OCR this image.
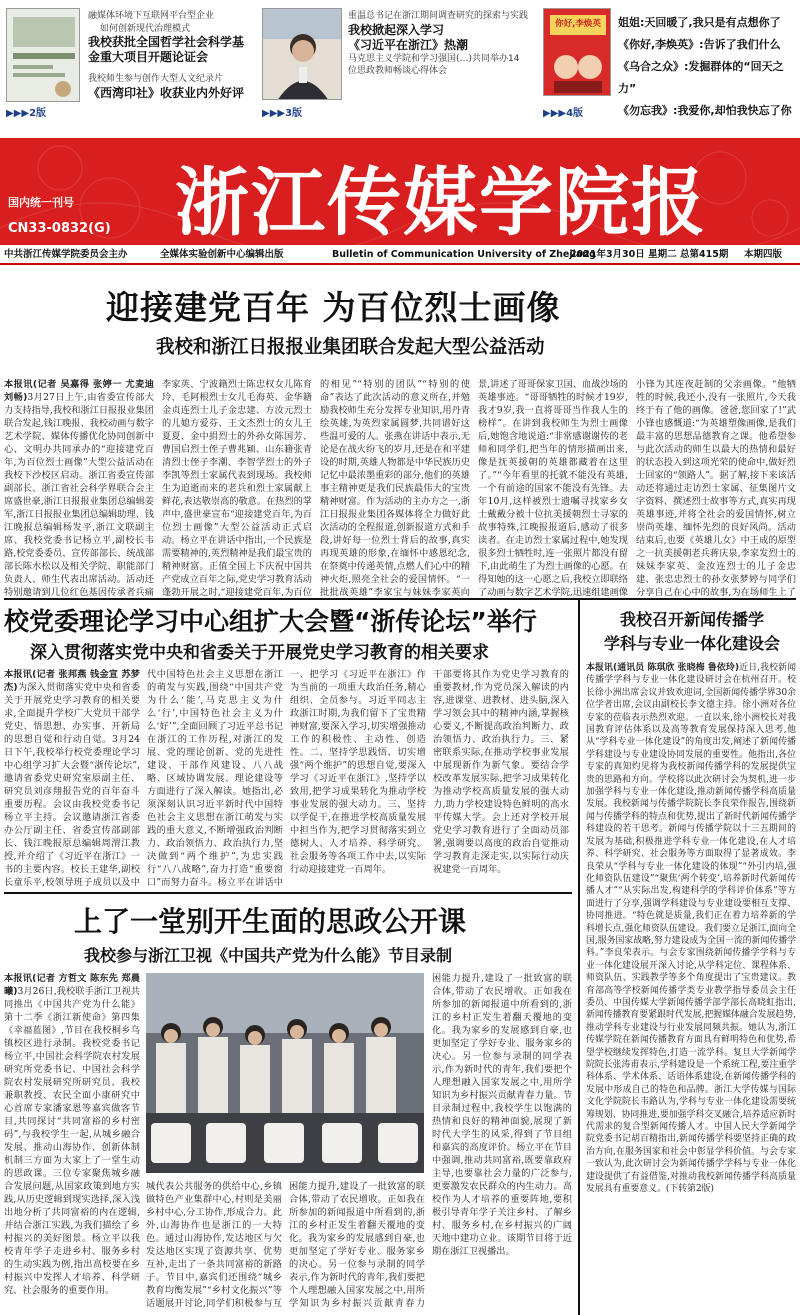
融媒体环境下互联网平台型企业
如何创新现代治理模式
我校获批全国哲学社会科学基金重大项目开题论证会
我校师生参与创作大型人文纪录片
《西湾印社》收获业内外好评
▶▶▶2版
重温总书记在浙江期间调查研究的探索与实践
我校掀起深入学习
《习近平在浙江》热潮
马克思主义学院和学习强国(…)共同举办14位思政教师畅谈心得体会
▶▶▶3版
你好,李焕英	姐姐:天回暖了,我只是有点想你了
《你好,李焕英》:告诉了我们什么
《乌合之众》:发掘群体的“回天之力”
《勿忘我》:我爱你,却怕我快忘了你
▶▶▶4版
浙江传媒学院报
国内统一刊号
CN33-0832(G)
中共浙江传媒学院委员会主办	全媒体实验创新中心编辑出版	Bulletin of Communication University of Zhejiang
2021年3月30日 星期二 总第415期 本期四版
迎接建党百年 为百位烈士画像
我校和浙江日报报业集团联合发起大型公益活动
本报讯(记者 吴嘉得 张婷一 尤麦迪 刘畅)3月27日上午,由省委宣传部大力支持指导,我校和浙江日报报业集团联合发起,钱江晚报、我校动画与数字艺术学院、媒体传播优化协同创新中心、文明办共同承办的“迎接建党百年,为百位烈士画像”大型公益活动在我校下沙校区启动。浙江省委宣传部副部长、浙江省社会科学界联合会主席盛世豪,浙江日报报业集团总编辑姜军,浙江日报报业集团总编辑助理、钱江晚报总编辑杨发平,浙江文联副主席、我校党委书记杨立平,副校长韦路,校党委委员、宣传部部长、统战部部长陈水松以及相关学院、职能部门负责人、师生代表出席活动。活动还特别邀请到几位红色基因传承者兵痛
李家英、宁波籍烈士陈忠权女儿陈育玲、毛阿根烈士女儿毛海英、金华籍金贞连烈士儿子金忠建、方汝元烈士的儿媳方爱芬、王文杰烈士的女儿王夏夏、金中捐烈士的外孙女陈国芳、曹国启烈士侄子曹兆颖、山东籍张青清烈士侄子李潮、李智学烈士的外子李凯等烈士家属代表到现场。我校师生为追逝而来的老兵和烈士家属献上鲜花,表达敬崇高的敬意。在热烈的掌声中,盛世豪宣布“迎接建党百年,为百位烈士画像”大型公益活动正式启动。杨立平在讲话中指出,一个民族是需要精神的,英烈精神是我们最宝贵的精神财富。正值全国上下庆祝中国共产党成立百年之际,党史学习教育活动蓬勃开展之时,“迎接建党百年,为百位
的相见”“特别的团队”“特别的使命”表达了此次活动的意义所在,并勉励我校师生充分发挥专业知识,用丹青绘英雄,为英烈家属圆梦,共同谱好这些温可爱的人。张燕在讲话中表示,无论是在战火纷飞的岁月,还是在和平建设的时期,英雄人物都是中华民族历史记忆中最浓墨重彩的部分,他们的英雄事主精神更是我们民族最伟大的宝贵精神财富。作为活动的主办方之一,浙江日报报业集团各媒体将全力做好此次活动的全程报道,创新报道方式和手段,讲好每一位烈士背后的故事,真实再现英雄的形象,在缅怀中感恩纪念,在祭奠中传递英情,点燃人们心中的精神火炬,照亮全社会的爱国情怀。“一批批战英雄”李家宝与妹妹李家英向
景,讲述了哥哥保家卫国、血战沙场的英雄事迹。“哥哥牺牲的时候才19岁,我才9岁,我一直将哥哥当作我人生的榜样”。在讲到我校师生为烈士画像后,她饱含地说道:“非常感谢谢传的老师和同学们,把当年的情形描画出来,像是抚英援朝的英雄都藏着在这里了。”“今年看里的托就不能没有英雄,一个有前途的国家不能没有先锋。去年10月,这样被烈士遗嘱寻找家乡女士戴戴分被十位抗美援朝烈士寻家的故事特殊,江晚报报道后,感动了很多读者。在走访烈士家属过程中,她发现很多烈士牺牲时,连一张照片都没有留下,由此萌生了为烈士画像的心愿。在得知她的这一心愿之后,我校立即联络了动画与数字艺术学院,迅速组建画像
小锋为其连夜赶制的父亲画像。“他牺牲的时候,我还小,没有一张照片,今天我终于有了他的画像。爸爸,您回家了!”武小锋也感慨道:“为英雄塑像画像,是我们最丰富的思想品德教育之课。他希望参与此次活动的师生以最大的热情和最好的状态投入到这项光荣的使命中,做好烈士回家的“领路人”。据了解,接下来该活动还将通过走访烈士家属、征集图片文字资料、撰述烈士故事等方式,真实再现英雄事迹,并将全社会的爱国情怀,树立崇尚英雄、缅怀先烈的良好风尚。活动结束后,也要《英雄儿女》中王成的原型之一抗美援朝老兵蒋庆泉,李家发烈士的妹妹李家英、金汝连烈士的儿子金忠建、张忠忠烈士的孙女张梦婷与同学们分享自己在心中的故事,为在场师生上了
校党委理论学习中心组扩大会暨“浙传论坛”举行
深入贯彻落实党中央和省委关于开展党史学习教育的相关要求
本报讯(记者 张邦燕 钱金宣 苏梦杰)为深入贯彻落实党中央和省委关于开展党史学习教育的相关要求,全面提升学校广大党员干部学党史、悟思想、办实事、开新局的思想自觉和行动自觉。3月24日下午,我校举行校党委理论学习中心组学习扩大会暨“浙传论坛”,邀请省委党史研究室原副主任、研究员刘彦翔报告党的百年奋斗重要历程。会议由我校党委书记杨立平主持。会议邀请浙江省委办公厅副主任、省委宣传部副部长、钱江晚报原总编辑周渭江教授,并介绍了《习近平在浙江》一书的主要内容。校长王建华,副校长童乐平,校领导班子成员以及中
代中国特色社会主义思想在浙江的萌发与实践,围绕“中国共产党为什么‘能’,马克思主义为什么‘行’,中国特色社会主义为什么‘好’”,全面回顾了习近平总书记在浙江的工作历程,对浙江的发展、党的理论创新、党的先进性建设、干部作风建设、八八战略、区域协调发展、理论建设等方面进行了深入解读。她指出,必须深刻认识习近平新时代中国特色社会主义思想在浙江萌发与实践的重大意义,不断增强政治判断力、政治领悟力、政治执行力,坚决做到“两个维护”,为忠实践行“八八战略”,奋力打造“重要窗口”而努力奋斗。杨立平在讲话中
一、把学习《习近平在浙江》作为当前的一项重大政治任务,精心组织、全员参与。习近平同志主政浙江时期,为我们留下了宝贵精神财富,要深入学习,切实增强推动工作的积极性、主动性、创造性。二、坚持学思践悟、切实增强“两个维护”的思想自觉,要深入学习《习近平在浙江》,坚持学以致用,把学习成果转化为推动学校事业发展的强大动力。三、坚持以学促干,在推进学校高质量发展中担当作为,把学习贯彻落实到立德树人、人才培养、科学研究、社会服务等各项工作中去,以实际行动迎接建党一百周年。
干部要将其作为党史学习教育的重要教材,作为党员深入解读的内容,进课堂、进教材、进头脑,深入学习领会其中的精神内涵,掌握核心要义,不断提高政治判断力、政治领悟力、政治执行力。三、紧密联系实际,在推动学校事业发展中展现新作为新气象。要结合学校改革发展实际,把学习成果转化为推动学校高质量发展的强大动力,助力学校建设特色鲜明的高水平传媒大学。会上还对学校开展党史学习教育进行了全面动员部署,强调要以高度的政治自觉推动学习教育走深走实,以实际行动庆祝建党一百周年。
我校召开新闻传播学
学科与专业一体化建设会
本报讯(通讯员 陈琪欣 张晓梅 鲁依玲)近日,我校新闻传播学学科与专业一体化建设研讨会在杭州召开。校长徐小洲出席会议并致欢迎词,全国新闻传播学界30余位学者出席,会议由副校长李文德主持。徐小洲对各位专家的莅临表示热烈欢迎。一直以来,徐小洲校长对我国教育评估体系以及高等教育发展保持深入思考,他从“学科专业一体化建设”的角度出发,阐述了新闻传播学科建设与专业建设协同发展的重要性。他指出,各位专家的真知灼见将为我校新闻传播学科的发展提供宝贵的思路和方向。学校将以此次研讨会为契机,进一步加强学科与专业一体化建设,推动新闻传播学科高质量发展。我校新闻与传播学院院长李良荣作报告,围绕新闻与传播学科的特点和优势,提出了新时代新闻传播学科建设的若干思考。新闻与传播学院以十三五期间的发展为基础,积极推进学科专业一体化建设,在人才培养、科学研究、社会服务等方面取得了显著成效。李良荣从“学科与专业一体化建设的体现”“外引内培,强化师资队伍建设”“聚焦‘两个转变’,培养新时代新闻传播人才”“从实际出发,构建科学的学科评价体系”等方面进行了分享,强调学科建设与专业建设要相互支撑、协同推进。“特色就是质量,我们正在着力培养新的学科增长点,强化师资队伍建设。我们要立足浙江,面向全国,服务国家战略,努力建设成为全国一流的新闻传播学科。”李良荣表示。与会专家围绕新闻传播学学科与专业一体化建设展开深入讨论,从学科定位、课程体系、师资队伍、实践教学等多个角度提出了宝贵建议。教育部高等学校新闻传播学类专业教学指导委员会主任委员、中国传媒大学新闻传播学部学部长高晓虹指出,新闻传播教育要紧跟时代发展,把握媒体融合发展趋势,推动学科专业建设与行业发展同频共振。她认为,浙江传媒学院在新闻传播教育方面具有鲜明特色和优势,希望学校继续发挥特色,打造一流学科。复旦大学新闻学院院长张涛甫表示,学科建设是一个系统工程,要注重学科体系、学术体系、话语体系建设,在新闻传播学科的发展中形成自己的特色和品牌。浙江大学传媒与国际文化学院院长韦路认为,学科与专业一体化建设需要统筹规划、协同推进,要加强学科交叉融合,培养适应新时代需求的复合型新闻传播人才。中国人民大学新闻学院党委书记胡百精指出,新闻传播学科要坚持正确的政治方向,在服务国家和社会中彰显学科价值。与会专家一致认为,此次研讨会为新闻传播学学科与专业一体化建设提供了有益借鉴,对推动我校新闻传播学科高质量发展具有重要意义。(下转第2版)
上了一堂别开生面的思政公开课
我校参与浙江卫视《中国共产党为什么能》节目录制
本报讯(记者 方哲文 陈东先 郑晨曦)3月26日,我校联手浙江卫视共同推出《中国共产党为什么能》第十二季《浙江新使命》第四集《幸福蓝图》,节目在我校桐乡乌镇校区进行录制。我校党委书记杨立平,中国社会科学院农村发展研究所党委书记、中国社会科学院农村发展研究所研究员、我校兼职教授、农民全面小康研究中心首席专家潘家恩等嘉宾做客节目,共同探讨“共同富裕的乡村密码”,与我校学生一起,从城乡融合发展、推动山海协作、创新体制机制三方面为大家上了一堂生动的思政课。三位专家聚焦城乡融合发展问题,从国家政策到地方实践,从历史逻辑到现实选择,深入浅出地分析了共同富裕的内在逻辑,并结合浙江实践,为我们描绘了乡村振兴的美好图景。杨立平以我校青年学子走进乡村、服务乡村的生动实践为例,指出高校要在乡村振兴中发挥人才培养、科学研究、社会服务的重要作用。
城代表公共服务的供给中心,乡镇做特色产业集群中心,村则是美丽乡村中心,分工协作,形成合力。此外,山海协作也是浙江的一大特色。通过山海协作,发达地区与欠发达地区实现了资源共享、优势互补,走出了一条共同富裕的新路子。节目中,嘉宾们还围绕“城乡教育均衡发展”“乡村文化振兴”等话题展开讨论,同学们积极参与互
困能力提升,建设了一批致富的联合体,带动了农民增收。正如我在所参加的新闻报道中所看到的,浙江的乡村正发生着翻天覆地的变化。我为家乡的发展感到自豪,也更加坚定了学好专业、服务家乡的决心。另一位参与录制的同学表示,作为新时代的青年,我们要把个人理想融入国家发展之中,用所学知识为乡村振兴贡献青春力量。节目录制过程中,我校学生以饱满的热情和良好的精神面貌,展现了新时代大学生的风采,得到了节目组和嘉宾的高度评价。杨立平在节目中强调,推动共同富裕,既要靠政府主导,也要靠社会力量的广泛参与,更要激发农民群众的内生动力。高校作为人才培养的重要阵地,要积极引导青年学子关注乡村、了解乡村、服务乡村,在乡村振兴的广阔天地中建功立业。该期节目将于近期在浙江卫视播出。
困能力提升,建设了一批致富的联合体,带动了农民增收。正如我在所参加的新闻报道中所看到的,浙江的乡村正发生着翻天覆地的变化。我为家乡的发展感到自豪,也更加坚定了学好专业、服务家乡的决心。另一位参与录制的同学表示,作为新时代的青年,我们要把个人理想融入国家发展之中,用所学知识为乡村振兴贡献青春力
